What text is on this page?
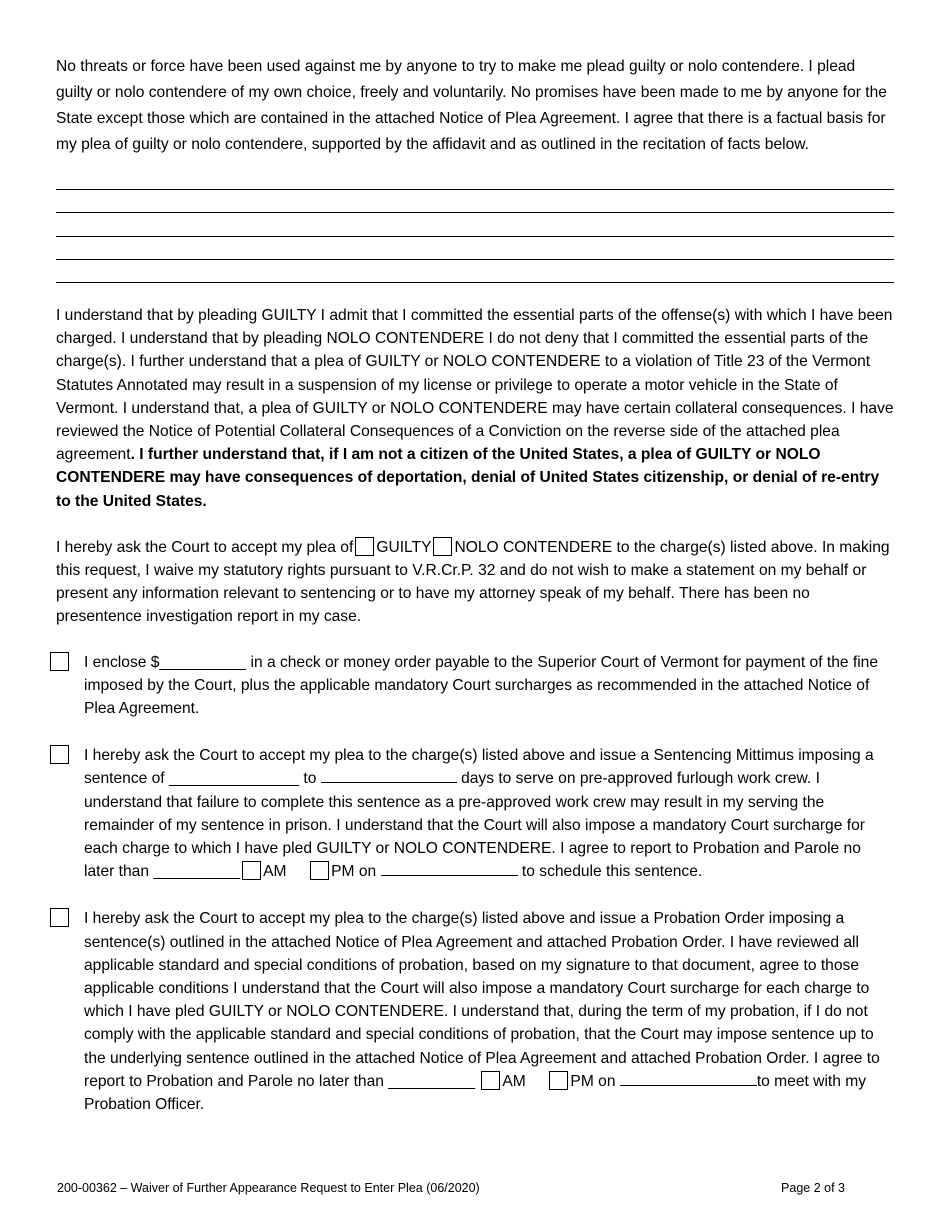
No threats or force have been used against me by anyone to try to make me plead guilty or nolo contendere. I plead guilty or nolo contendere of my own choice, freely and voluntarily. No promises have been made to me by anyone for the State except those which are contained in the attached Notice of Plea Agreement. I agree that there is a factual basis for my plea of guilty or nolo contendere, supported by the affidavit and as outlined in the recitation of facts below.

I understand that by pleading GUILTY I admit that I committed the essential parts of the offense(s) with which I have been charged. I understand that by pleading NOLO CONTENDERE I do not deny that I committed the essential parts of the charge(s). I further understand that a plea of GUILTY or NOLO CONTENDERE to a violation of Title 23 of the Vermont Statutes Annotated may result in a suspension of my license or privilege to operate a motor vehicle in the State of Vermont. I understand that, a plea of GUILTY or NOLO CONTENDERE may have certain collateral consequences. I have reviewed the Notice of Potential Collateral Consequences of a Conviction on the reverse side of the attached plea agreement. I further understand that, if I am not a citizen of the United States, a plea of GUILTY or NOLO CONTENDERE may have consequences of deportation, denial of United States citizenship, or denial of re-entry to the United States.

I hereby ask the Court to accept my plea of GUILTY NOLO CONTENDERE to the charge(s) listed above. In making this request, I waive my statutory rights pursuant to V.R.Cr.P. 32 and do not wish to make a statement on my behalf or present any information relevant to sentencing or to have my attorney speak of my behalf. There has been no presentence investigation report in my case.

I enclose $__________ in a check or money order payable to the Superior Court of Vermont for payment of the fine imposed by the Court, plus the applicable mandatory Court surcharges as recommended in the attached Notice of Plea Agreement.
I hereby ask the Court to accept my plea to the charge(s) listed above and issue a Sentencing Mittimus imposing a sentence of _______________ to	days to serve on pre-approved furlough work crew. I understand that failure to complete this sentence as a pre-approved work crew may result in my serving the remainder of my sentence in prison. I understand that the Court will also impose a mandatory Court surcharge for each charge to which I have pled GUILTY or NOLO CONTENDERE. I agree to report to Probation and Parole no later than __________ AM	PM on	to schedule this sentence.
I hereby ask the Court to accept my plea to the charge(s) listed above and issue a Probation Order imposing a sentence(s) outlined in the attached Notice of Plea Agreement and attached Probation Order. I have reviewed all applicable standard and special conditions of probation, based on my signature to that document, agree to those applicable conditions I understand that the Court will also impose a mandatory Court surcharge for each charge to which I have pled GUILTY or NOLO CONTENDERE. I understand that, during the term of my probation, if I do not comply with the applicable standard and special conditions of probation, that the Court may impose sentence up to the underlying sentence outlined in the attached Notice of Plea Agreement and attached Probation Order. I agree to report to Probation and Parole no later than __________ AM	PM on	to meet with my Probation Officer.
200-00362 – Waiver of Further Appearance Request to Enter Plea (06/2020)	Page 2 of 3
